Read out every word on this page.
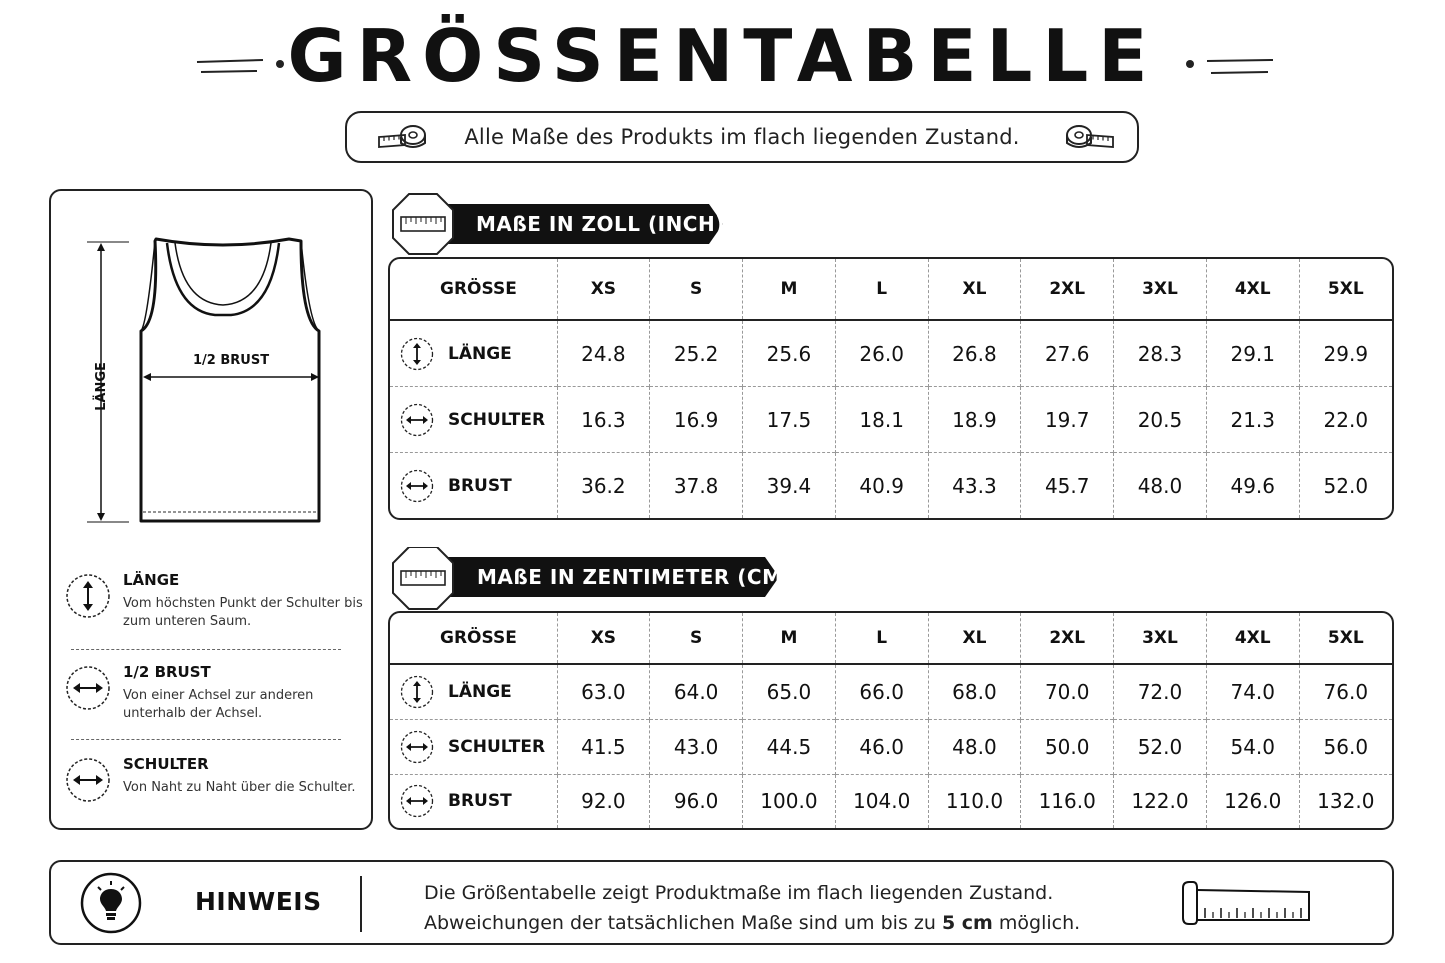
GRÖSSENTABELLE
Alle Maße des Produkts im flach liegenden Zustand.
LÄNGE
1/2 BRUST
LÄNGE
Vom höchsten Punkt der Schulter bis zum unteren Saum.
1/2 BRUST
Von einer Achsel zur anderen unterhalb der Achsel.
SCHULTER
Von Naht zu Naht über die Schulter.
MAßE IN ZOLL (INCH)
GRÖSSE	XS	S	M	L	XL	2XL	3XL	4XL	5XL
LÄNGE	24.8	25.2	25.6	26.0	26.8	27.6	28.3	29.1	29.9
SCHULTER	16.3	16.9	17.5	18.1	18.9	19.7	20.5	21.3	22.0
BRUST	36.2	37.8	39.4	40.9	43.3	45.7	48.0	49.6	52.0
MAßE IN ZENTIMETER (CM)
GRÖSSE	XS	S	M	L	XL	2XL	3XL	4XL	5XL
LÄNGE	63.0	64.0	65.0	66.0	68.0	70.0	72.0	74.0	76.0
SCHULTER	41.5	43.0	44.5	46.0	48.0	50.0	52.0	54.0	56.0
BRUST	92.0	96.0	100.0	104.0	110.0	116.0	122.0	126.0	132.0
HINWEIS	Die Größentabelle zeigt Produktmaße im flach liegenden Zustand.
Abweichungen der tatsächlichen Maße sind um bis zu 5 cm möglich.
